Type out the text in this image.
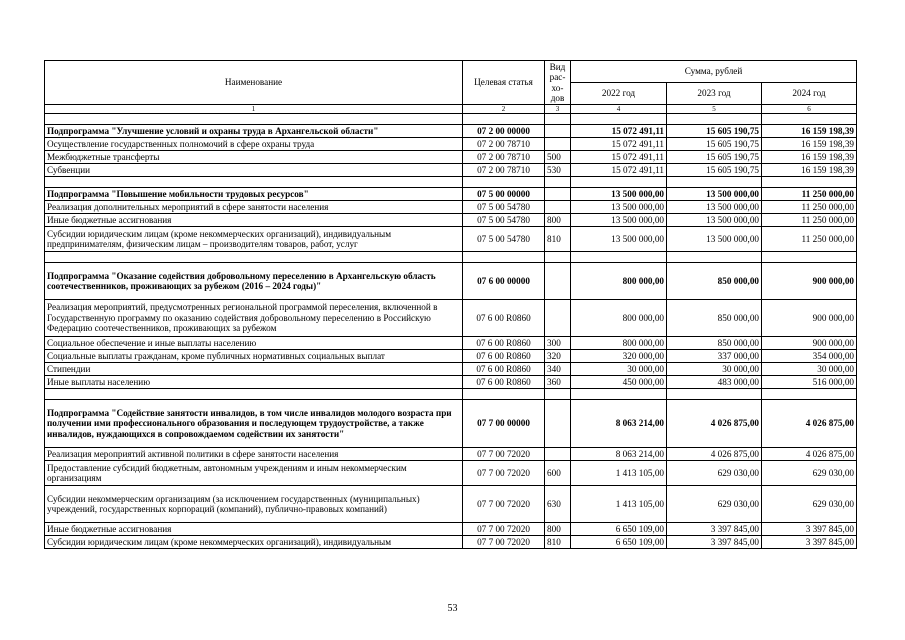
Наименование	Целевая статья	Вид рас-хо-дов	Сумма, рублей		
			2022 год	2023 год	2024 год
1	2	3	4	5	6

Подпрограмма "Улучшение условий и охраны труда в Архангельской области"	07 2 00 00000		15 072 491,11	15 605 190,75	16 159 198,39
Осуществление государственных полномочий в сфере охраны труда	07 2 00 78710		15 072 491,11	15 605 190,75	16 159 198,39
Межбюджетные трансферты	07 2 00 78710	500	15 072 491,11	15 605 190,75	16 159 198,39
Субвенции	07 2 00 78710	530	15 072 491,11	15 605 190,75	16 159 198,39

Подпрограмма "Повышение мобильности трудовых ресурсов"	07 5 00 00000		13 500 000,00	13 500 000,00	11 250 000,00
Реализация дополнительных мероприятий в сфере занятости населения	07 5 00 54780		13 500 000,00	13 500 000,00	11 250 000,00
Иные бюджетные ассигнования	07 5 00 54780	800	13 500 000,00	13 500 000,00	11 250 000,00
Субсидии юридическим лицам (кроме некоммерческих организаций), индивидуальным предпринимателям, физическим лицам – производителям товаров, работ, услуг	07 5 00 54780	810	13 500 000,00	13 500 000,00	11 250 000,00

Подпрограмма "Оказание содействия добровольному переселению в Архангельскую область соотечественников, проживающих за рубежом (2016 – 2024 годы)"	07 6 00 00000		800 000,00	850 000,00	900 000,00
Реализация мероприятий, предусмотренных региональной программой переселения, включенной в Государственную программу по оказанию содействия добровольному переселению в Российскую Федерацию соотечественников, проживающих за рубежом	07 6 00 R0860		800 000,00	850 000,00	900 000,00
Социальное обеспечение и иные выплаты населению	07 6 00 R0860	300	800 000,00	850 000,00	900 000,00
Социальные выплаты гражданам, кроме публичных нормативных социальных выплат	07 6 00 R0860	320	320 000,00	337 000,00	354 000,00
Стипендии	07 6 00 R0860	340	30 000,00	30 000,00	30 000,00
Иные выплаты населению	07 6 00 R0860	360	450 000,00	483 000,00	516 000,00

Подпрограмма "Содействие занятости инвалидов, в том числе инвалидов молодого возраста при получении ими профессионального образования и последующем трудоустройстве, а также инвалидов, нуждающихся в сопровождаемом содействии их занятости"	07 7 00 00000		8 063 214,00	4 026 875,00	4 026 875,00
Реализация мероприятий активной политики в сфере занятости населения	07 7 00 72020		8 063 214,00	4 026 875,00	4 026 875,00
Предоставление субсидий бюджетным, автономным учреждениям и иным некоммерческим организациям	07 7 00 72020	600	1 413 105,00	629 030,00	629 030,00
Субсидии некоммерческим организациям (за исключением государственных (муниципальных) учреждений, государственных корпораций (компаний), публично-правовых компаний)	07 7 00 72020	630	1 413 105,00	629 030,00	629 030,00
Иные бюджетные ассигнования	07 7 00 72020	800	6 650 109,00	3 397 845,00	3 397 845,00
Субсидии юридическим лицам (кроме некоммерческих организаций), индивидуальным	07 7 00 72020	810	6 650 109,00	3 397 845,00	3 397 845,00
53
